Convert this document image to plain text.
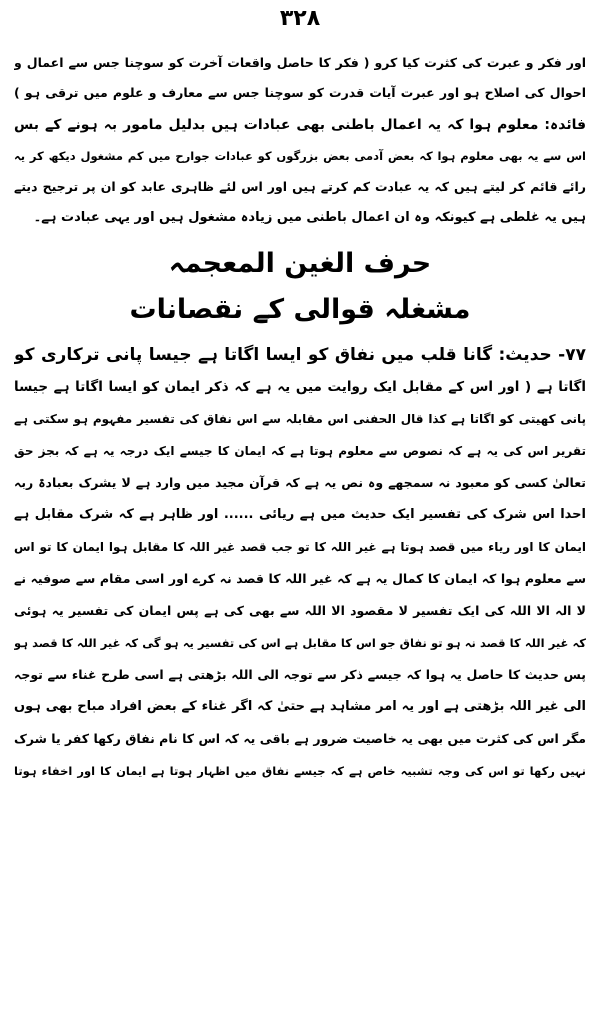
۳۲۸
اور فکر و عبرت کی کثرت کیا کرو ( فکر کا حاصل واقعات آخرت کو سوچنا جس سے اعمال و
احوال کی اصلاح ہو اور عبرت آیات قدرت کو سوچنا جس سے معارف و علوم میں ترقی ہو )
فائدہ: معلوم ہوا کہ یہ اعمال باطنی بھی عبادات ہیں بدلیل مامور بہ ہونے کے بس
اس سے یہ بھی معلوم ہوا کہ بعض آدمی بعض بزرگوں کو عبادات جوارح میں کم مشغول دیکھ کر یہ
رائے قائم کر لیتے ہیں کہ یہ عبادت کم کرتے ہیں اور اس لئے ظاہری عابد کو ان پر ترجیح دیتے
ہیں یہ غلطی ہے کیونکہ وہ ان اعمال باطنی میں زیادہ مشغول ہیں اور یہی عبادت ہے۔
حرف الغین المعجمہ
مشغلہ قوالی کے نقصانات
۷۷- حدیث: گانا قلب میں نفاق کو ایسا اگاتا ہے جیسا پانی ترکاری کو
اگاتا ہے ( اور اس کے مقابل ایک روایت میں یہ ہے کہ ذکر ایمان کو ایسا اگاتا ہے جیسا
پانی کھیتی کو اگاتا ہے کذا قال الحفنی اس مقابلہ سے اس نفاق کی تفسیر مفہوم ہو سکتی ہے
تقریر اس کی یہ ہے کہ نصوص سے معلوم ہوتا ہے کہ ایمان کا جیسے ایک درجہ یہ ہے کہ بجز حق
تعالیٰ کسی کو معبود نہ سمجھے وہ نص یہ ہے کہ قرآن مجید میں وارد ہے لا یشرک بعبادۃ ربہ
احدا اس شرک کی تفسیر ایک حدیث میں ہے ریائی ...... اور ظاہر ہے کہ شرک مقابل ہے
ایمان کا اور ریاء میں قصد ہوتا ہے غیر اللہ کا تو جب قصد غیر اللہ کا مقابل ہوا ایمان کا تو اس
سے معلوم ہوا کہ ایمان کا کمال یہ ہے کہ غیر اللہ کا قصد نہ کرے اور اسی مقام سے صوفیہ نے
لا الہ الا اللہ کی ایک تفسیر لا مقصود الا اللہ سے بھی کی ہے پس ایمان کی تفسیر یہ ہوئی
کہ غیر اللہ کا قصد نہ ہو تو نفاق جو اس کا مقابل ہے اس کی تفسیر یہ ہو گی کہ غیر اللہ کا قصد ہو
پس حدیث کا حاصل یہ ہوا کہ جیسے ذکر سے توجہ الی اللہ بڑھتی ہے اسی طرح غناء سے توجہ
الی غیر اللہ بڑھتی ہے اور یہ امر مشاہد ہے حتیٰ کہ اگر غناء کے بعض افراد مباح بھی ہوں
مگر اس کی کثرت میں بھی یہ خاصیت ضرور ہے باقی یہ کہ اس کا نام نفاق رکھا کفر یا شرک
نہیں رکھا تو اس کی وجہ تشبیہ خاص ہے کہ جیسے نفاق میں اظہار ہوتا ہے ایمان کا اور اخفاء ہوتا
